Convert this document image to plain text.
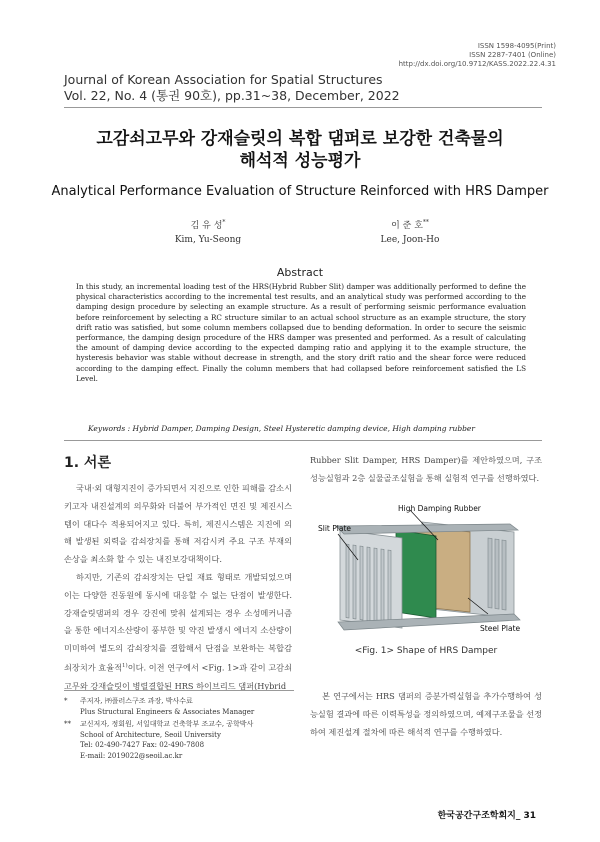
ISSN 1598-4095(Print)
ISSN 2287-7401 (Online)
http://dx.doi.org/10.9712/KASS.2022.22.4.31
Journal of Korean Association for Spatial Structures
Vol. 22, No. 4 (통권 90호), pp.31~38, December, 2022
고감쇠고무와 강재슬릿의 복합 댐퍼로 보강한 건축물의
해석적 성능평가
Analytical Performance Evaluation of Structure Reinforced with HRS Damper
김 유 성*
Kim, Yu-Seong
이 준 호**
Lee, Joon-Ho
Abstract
In this study, an incremental loading test of the HRS(Hybrid Rubber Slit) damper was additionally performed to define the physical characteristics according to the incremental test results, and an analytical study was performed according to the damping design procedure by selecting an example structure. As a result of performing seismic performance evaluation before reinforcement by selecting a RC structure similar to an actual school structure as an example structure, the story drift ratio was satisfied, but some column members collapsed due to bending deformation. In order to secure the seismic performance, the damping design procedure of the HRS damper was presented and performed. As a result of calculating the amount of damping device according to the expected damping ratio and applying it to the example structure, the hysteresis behavior was stable without decrease in strength, and the story drift ratio and the shear force were reduced according to the damping effect. Finally the column members that had collapsed before reinforcement satisfied the LS Level.
Keywords : Hybrid Damper, Damping Design, Steel Hysteretic damping device, High damping rubber
1. 서론

국내·외 대형지진이 증가되면서 지진으로 인한 피해를 감소시키고자 내진설계의 의무화와 더불어 부가적인 면진 및 제진시스템이 대다수 적용되어지고 있다. 특히, 제진시스템은 지진에 의해 발생된 외력을 감쇠장치를 통해 저감시켜 주요 구조 부재의 손상을 최소화 할 수 있는 내진보강대책이다.

하지만, 기존의 감쇠장치는 단일 재료 형태로 개발되었으며 이는 다양한 진동원에 동시에 대응할 수 없는 단점이 발생한다. 강재슬릿댐퍼의 경우 강진에 맞춰 설계되는 경우 소성메커니즘을 통한 에너지소산량이 풍부한 및 약진 발생시 에너지 소산량이 미미하여 별도의 감쇠장치를 결합해서 단점을 보완하는 복합감쇠장치가 효율적$^{1)}$이다. 이전 연구에서 <Fig. 1>과 같이 고감쇠고무와 강재슬릿이 병렬결합된 HRS 하이브리드 댐퍼(Hybrid

Rubber Slit Damper, HRS Damper)를 제안하였으며, 구조성능실험과 2층 실물골조실험을 통해 실험적 연구를 선행하였다.
High Damping Rubber
Slit Plate
Steel Plate
<Fig. 1> Shape of HRS Damper
본 연구에서는 HRS 댐퍼의 증분가력실험을 추가수행하여 성능실험 결과에 따른 이력특성을 정의하였으며, 예제구조물을 선정하여 제진설계 절차에 따른 해석적 연구를 수행하였다.
* 주저자, ㈜플러스구조 과장, 박사수료
Plus Structural Engineers & Associates Manager
** 교신저자, 정회원, 서일대학교 건축학부 조교수, 공학박사
School of Architecture, Seoil University
Tel: 02-490-7427 Fax: 02-490-7808
E-mail: 2019022@seoil.ac.kr
한국공간구조학회지_ 31
